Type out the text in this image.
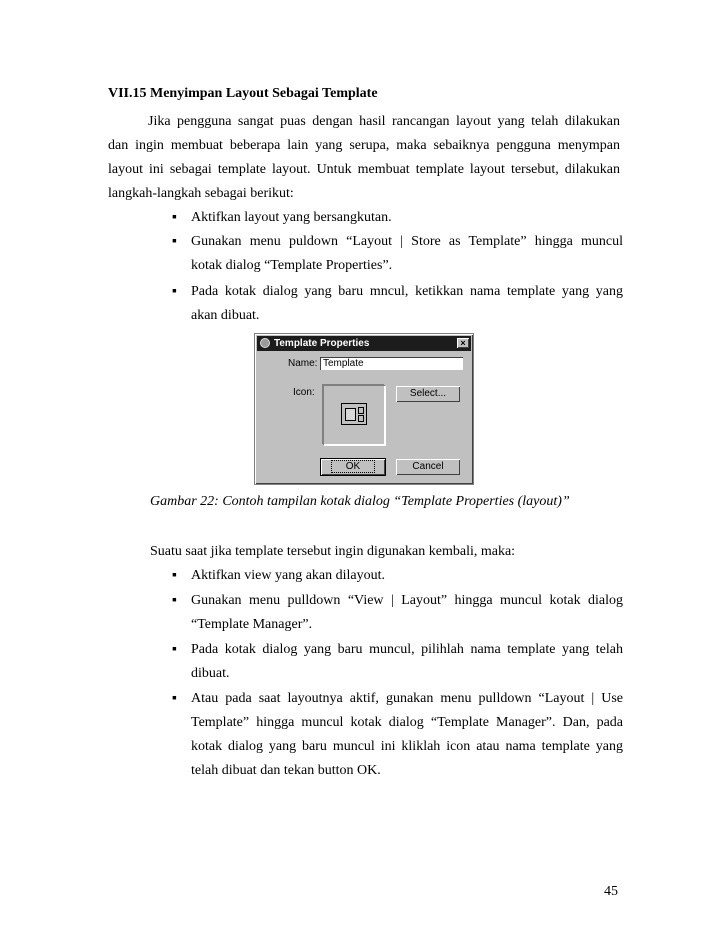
VII.15 Menyimpan Layout Sebagai Template
Jika pengguna sangat puas dengan hasil rancangan layout yang telah dilakukan
dan ingin membuat beberapa lain yang serupa, maka sebaiknya pengguna menympan
layout ini sebagai template layout. Untuk membuat template layout tersebut, dilakukan
langkah-langkah sebagai berikut:
▪ Aktifkan layout yang bersangkutan.
▪ Gunakan menu puldown “Layout | Store as Template” hingga muncul
kotak dialog “Template Properties”.
▪ Pada kotak dialog yang baru mncul, ketikkan nama template yang yang
akan dibuat.
Template Properties	×
Name: Template
Icon:	Select...
OK	Cancel
Gambar 22: Contoh tampilan kotak dialog “Template Properties (layout)”
Suatu saat jika template tersebut ingin digunakan kembali, maka:
▪ Aktifkan view yang akan dilayout.
▪ Gunakan menu pulldown “View | Layout” hingga muncul kotak dialog
“Template Manager”.
▪ Pada kotak dialog yang baru muncul, pilihlah nama template yang telah
dibuat.
▪ Atau pada saat layoutnya aktif, gunakan menu pulldown “Layout | Use
Template” hingga muncul kotak dialog “Template Manager”. Dan, pada
kotak dialog yang baru muncul ini kliklah icon atau nama template yang
telah dibuat dan tekan button OK.
45
